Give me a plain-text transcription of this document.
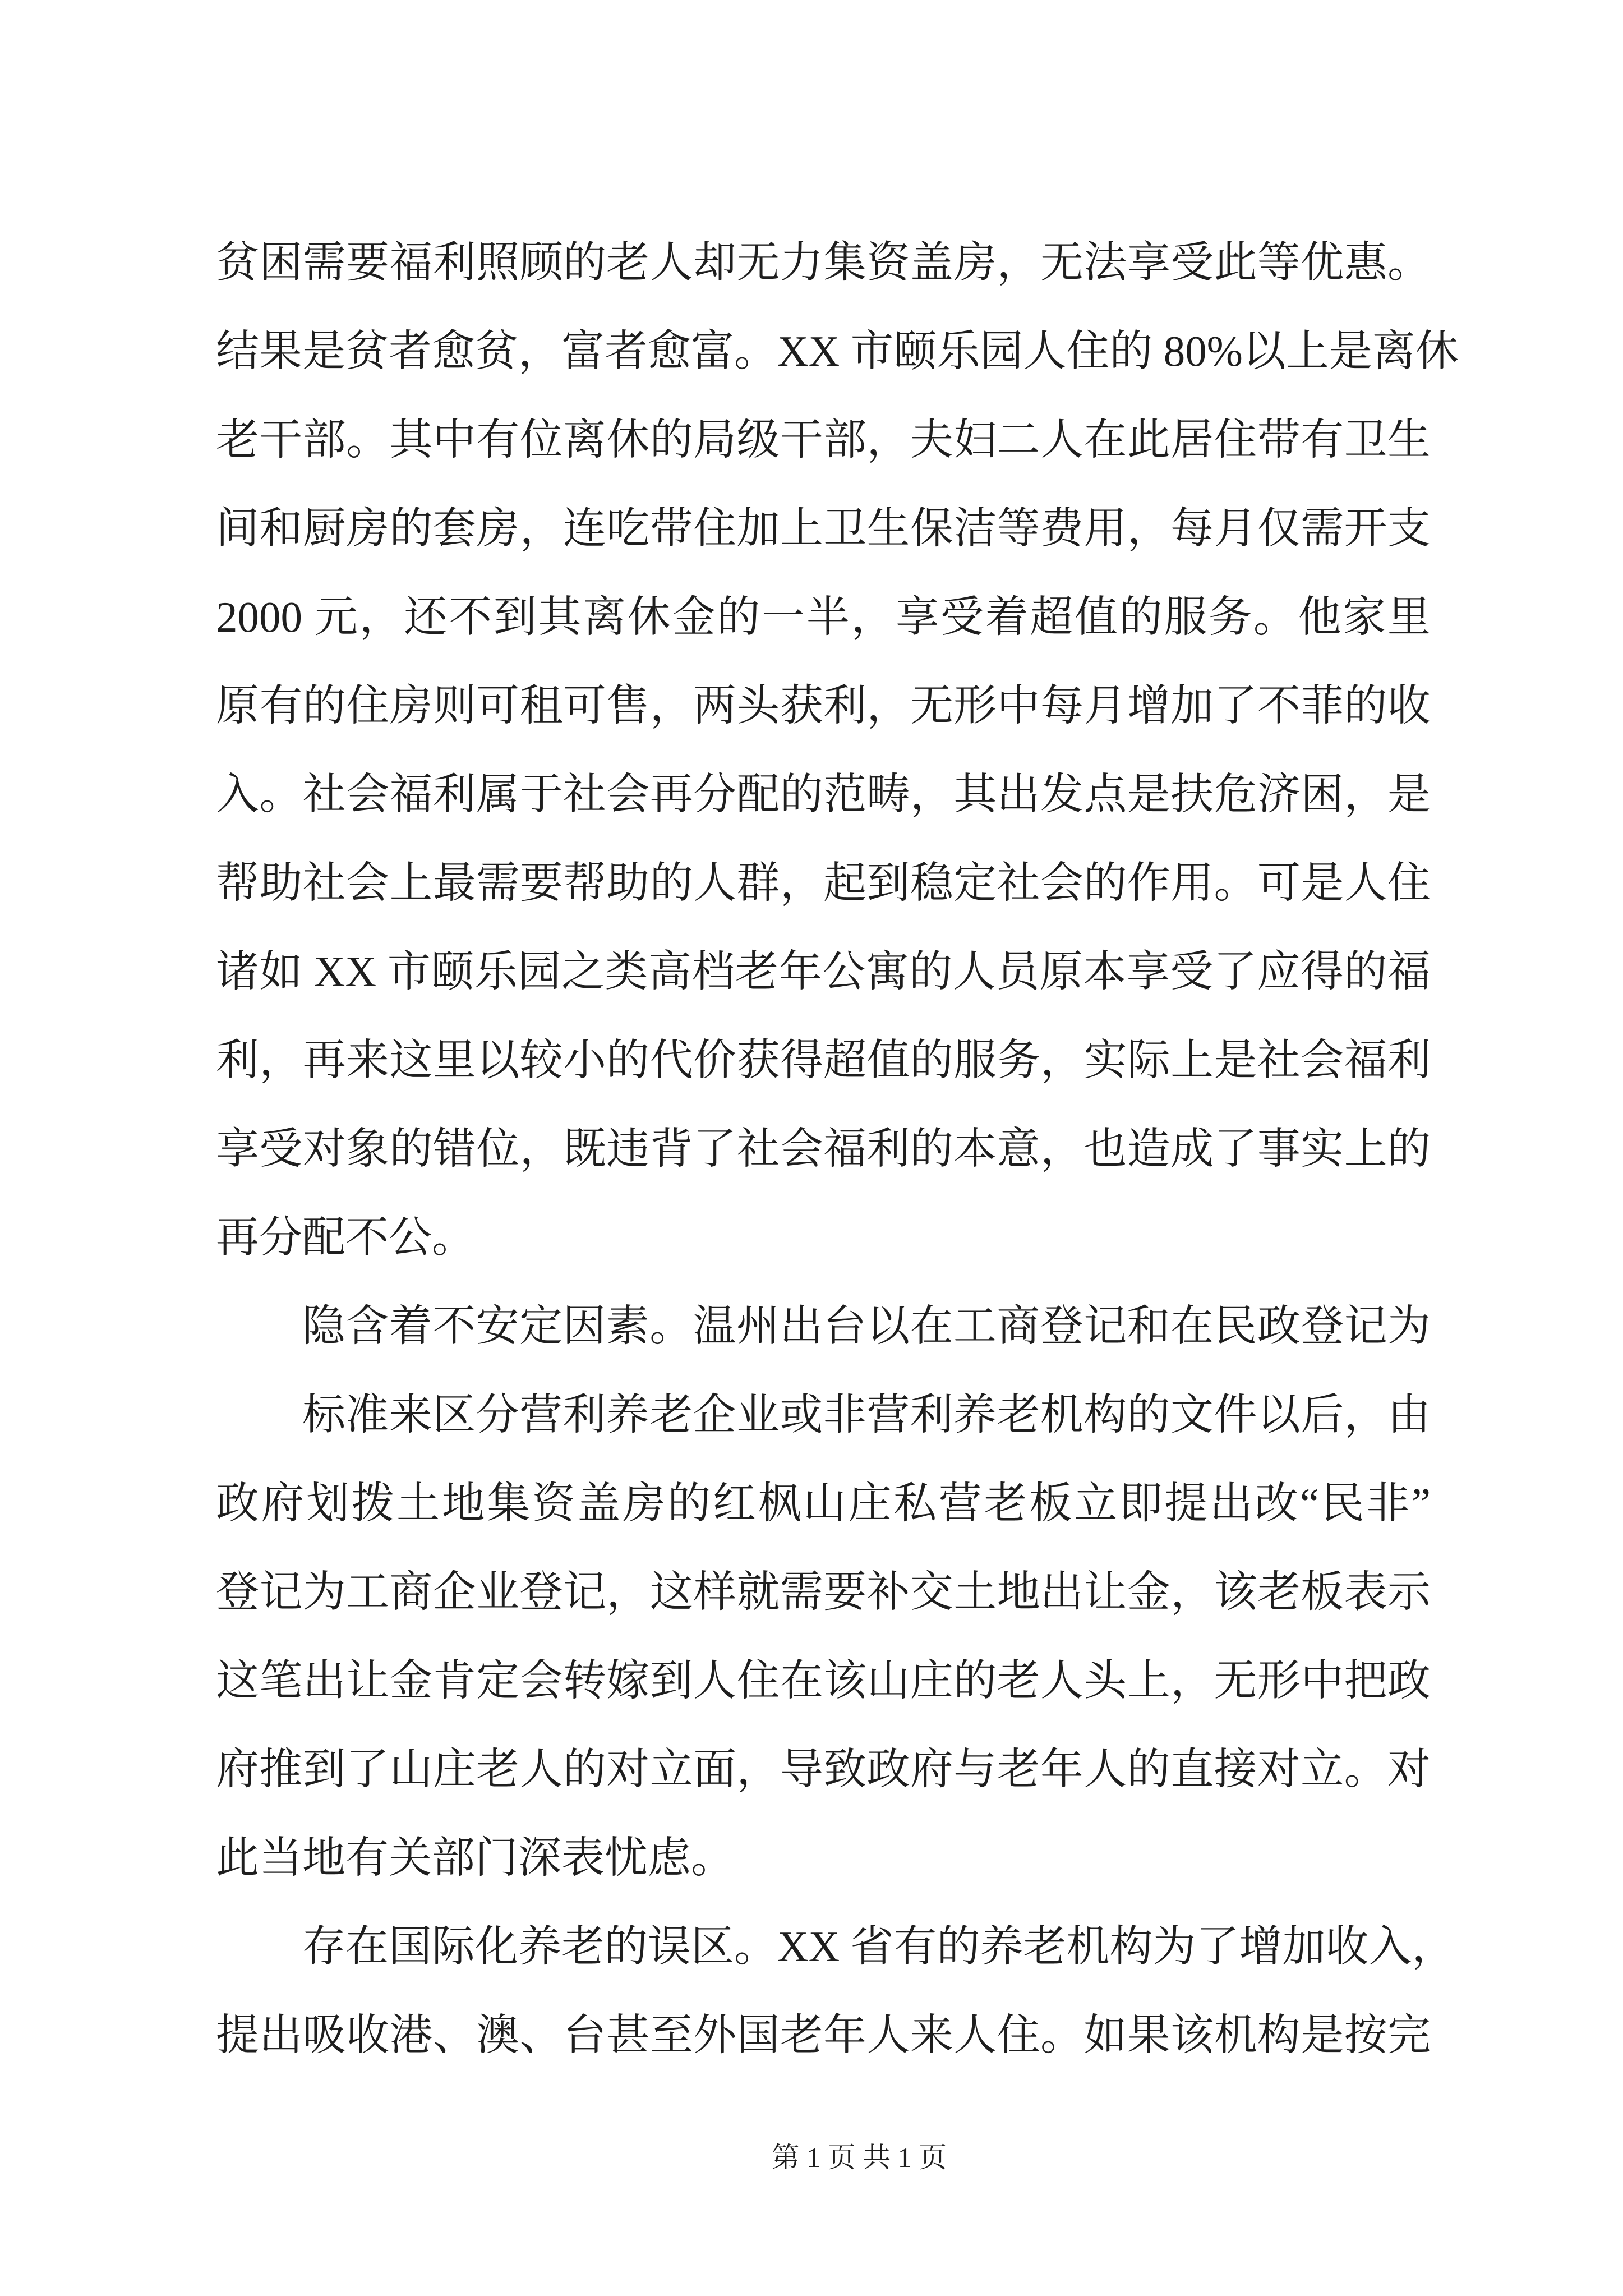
贫困需要福利照顾的老人却无力集资盖房，无法享受此等优惠。
结果是贫者愈贫，富者愈富。XX 市颐乐园人住的 80%以上是离休
老干部。其中有位离休的局级干部，夫妇二人在此居住带有卫生
间和厨房的套房，连吃带住加上卫生保洁等费用，每月仅需开支
2000 元，还不到其离休金的一半，享受着超值的服务。他家里
原有的住房则可租可售，两头获利，无形中每月增加了不菲的收
入。社会福利属于社会再分配的范畴，其出发点是扶危济困，是
帮助社会上最需要帮助的人群，起到稳定社会的作用。可是人住
诸如 XX 市颐乐园之类高档老年公寓的人员原本享受了应得的福
利，再来这里以较小的代价获得超值的服务，实际上是社会福利
享受对象的错位，既违背了社会福利的本意，也造成了事实上的
再分配不公。
隐含着不安定因素。温州出台以在工商登记和在民政登记为
标准来区分营利养老企业或非营利养老机构的文件以后，由
政府划拨土地集资盖房的红枫山庄私营老板立即提出改“民非”
登记为工商企业登记，这样就需要补交土地出让金，该老板表示
这笔出让金肯定会转嫁到人住在该山庄的老人头上，无形中把政
府推到了山庄老人的对立面，导致政府与老年人的直接对立。对
此当地有关部门深表忧虑。
存在国际化养老的误区。XX 省有的养老机构为了增加收入，
提出吸收港、澳、台甚至外国老年人来人住。如果该机构是按完
第 1 页 共 1 页
